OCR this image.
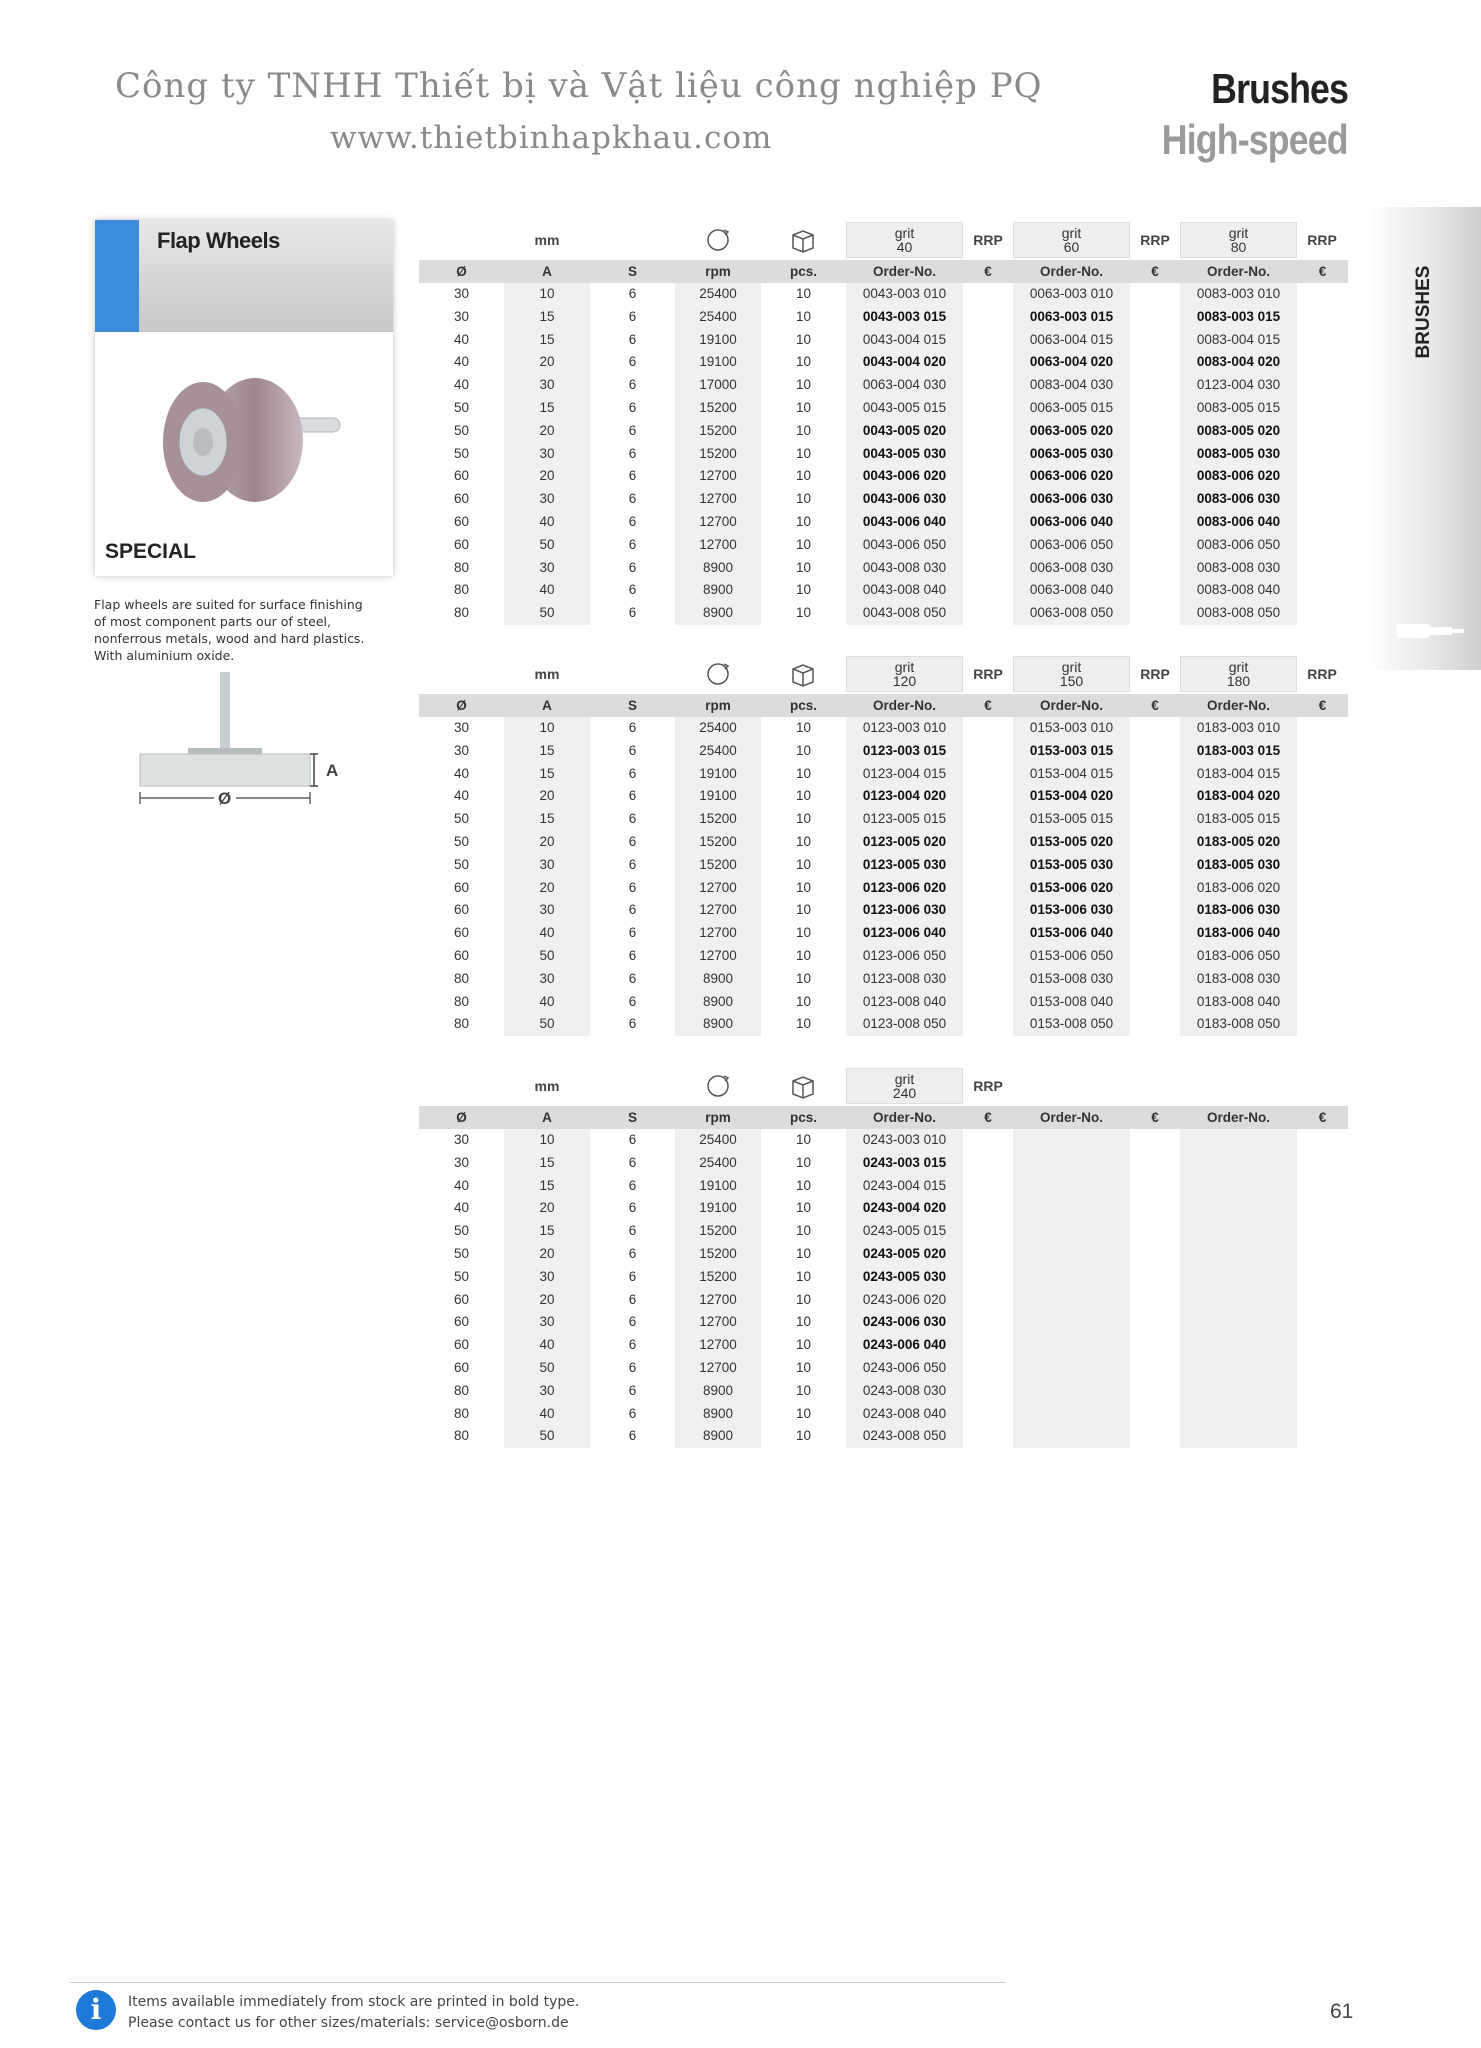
Công ty TNHH Thiết bị và Vật liệu công nghiệp PQ
www.thietbinhapkhau.com
Brushes
High-speed
BRUSHES
Flap Wheels
SPECIAL
Flap wheels are suited for surface finishing
of most component parts our of steel,
nonferrous metals, wood and hard plastics.
With aluminium oxide.
A
Ø
mm	grit
40	RRP	grit
60	RRP	grit
80	RRP
Ø	A	S	rpm	pcs.	Order-No.	€	Order-No.	€	Order-No.	€
30	10	6	25400	10	0043-003 010	0063-003 010	0083-003 010
30	15	6	25400	10	0043-003 015	0063-003 015	0083-003 015
40	15	6	19100	10	0043-004 015	0063-004 015	0083-004 015
40	20	6	19100	10	0043-004 020	0063-004 020	0083-004 020
40	30	6	17000	10	0063-004 030	0083-004 030	0123-004 030
50	15	6	15200	10	0043-005 015	0063-005 015	0083-005 015
50	20	6	15200	10	0043-005 020	0063-005 020	0083-005 020
50	30	6	15200	10	0043-005 030	0063-005 030	0083-005 030
60	20	6	12700	10	0043-006 020	0063-006 020	0083-006 020
60	30	6	12700	10	0043-006 030	0063-006 030	0083-006 030
60	40	6	12700	10	0043-006 040	0063-006 040	0083-006 040
60	50	6	12700	10	0043-006 050	0063-006 050	0083-006 050
80	30	6	8900	10	0043-008 030	0063-008 030	0083-008 030
80	40	6	8900	10	0043-008 040	0063-008 040	0083-008 040
80	50	6	8900	10	0043-008 050	0063-008 050	0083-008 050
mm	grit
120	RRP	grit
150	RRP	grit
180	RRP
Ø	A	S	rpm	pcs.	Order-No.	€	Order-No.	€	Order-No.	€
30	10	6	25400	10	0123-003 010	0153-003 010	0183-003 010
30	15	6	25400	10	0123-003 015	0153-003 015	0183-003 015
40	15	6	19100	10	0123-004 015	0153-004 015	0183-004 015
40	20	6	19100	10	0123-004 020	0153-004 020	0183-004 020
50	15	6	15200	10	0123-005 015	0153-005 015	0183-005 015
50	20	6	15200	10	0123-005 020	0153-005 020	0183-005 020
50	30	6	15200	10	0123-005 030	0153-005 030	0183-005 030
60	20	6	12700	10	0123-006 020	0153-006 020	0183-006 020
60	30	6	12700	10	0123-006 030	0153-006 030	0183-006 030
60	40	6	12700	10	0123-006 040	0153-006 040	0183-006 040
60	50	6	12700	10	0123-006 050	0153-006 050	0183-006 050
80	30	6	8900	10	0123-008 030	0153-008 030	0183-008 030
80	40	6	8900	10	0123-008 040	0153-008 040	0183-008 040
80	50	6	8900	10	0123-008 050	0153-008 050	0183-008 050
mm	grit
240	RRP
Ø	A	S	rpm	pcs.	Order-No.	€	Order-No.	€	Order-No.	€
30	10	6	25400	10	0243-003 010
30	15	6	25400	10	0243-003 015
40	15	6	19100	10	0243-004 015
40	20	6	19100	10	0243-004 020
50	15	6	15200	10	0243-005 015
50	20	6	15200	10	0243-005 020
50	30	6	15200	10	0243-005 030
60	20	6	12700	10	0243-006 020
60	30	6	12700	10	0243-006 030
60	40	6	12700	10	0243-006 040
60	50	6	12700	10	0243-006 050
80	30	6	8900	10	0243-008 030
80	40	6	8900	10	0243-008 040
80	50	6	8900	10	0243-008 050
i	Items available immediately from stock are printed in bold type.
Please contact us for other sizes/materials: service@osborn.de	61
